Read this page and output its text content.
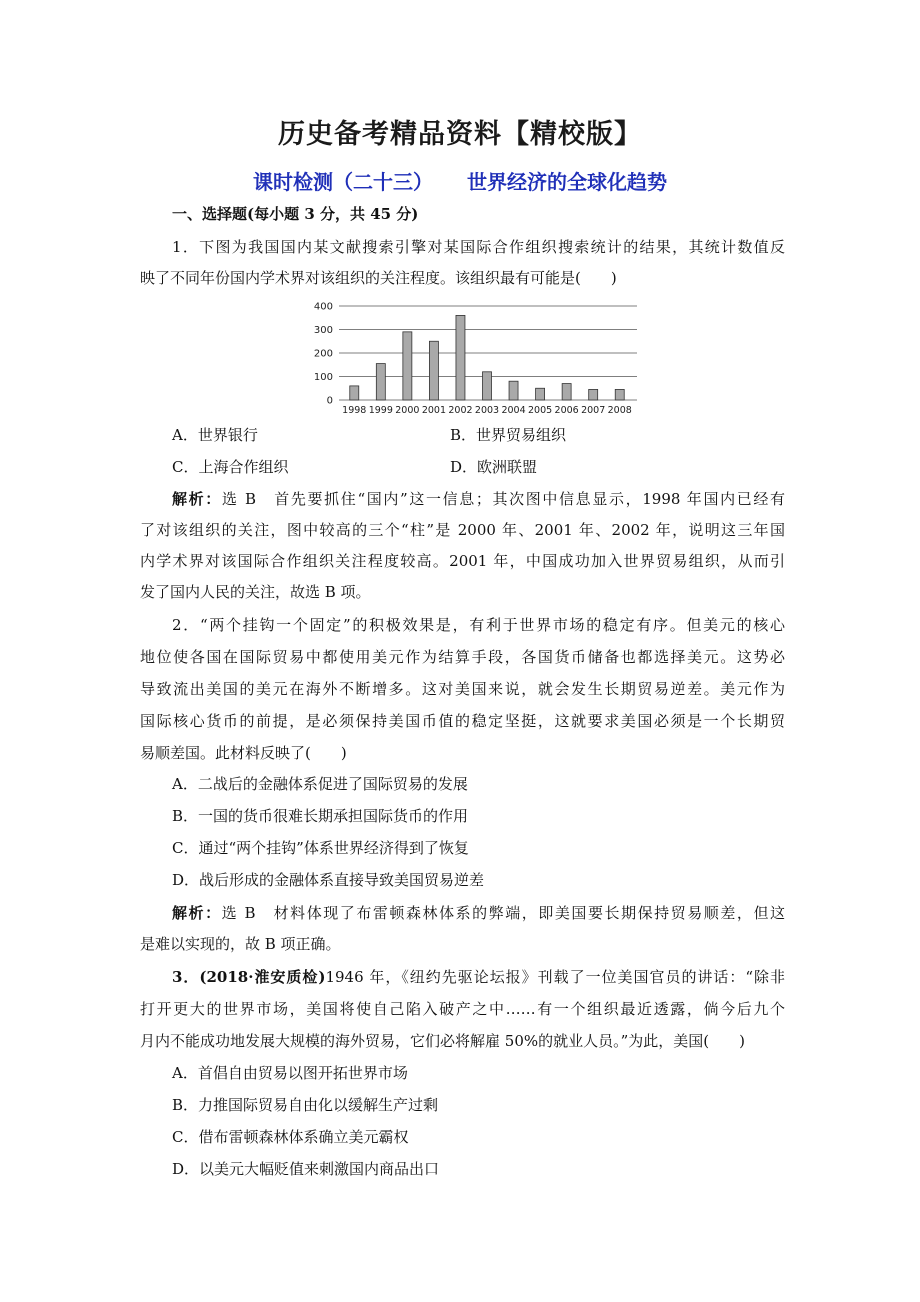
历史备考精品资料【精校版】
课时检测（二十三） 世界经济的全球化趋势
一、选择题(每小题 3 分，共 45 分)
1．下图为我国国内某文献搜索引擎对某国际合作组织搜索统计的结果，其统计数值反
映了不同年份国内学术界对该组织的关注程度。该组织最有可能是(　　)
0
100
200
300
400
1998 1999 2000 2001 2002 2003 2004 2005 2006 2007 2008
A．世界银行	B．世界贸易组织
C．上海合作组织	D．欧洲联盟
解析：选 B　首先要抓住“国内”这一信息；其次图中信息显示，1998 年国内已经有
了对该组织的关注，图中较高的三个“柱”是 2000 年、2001 年、2002 年，说明这三年国
内学术界对该国际合作组织关注程度较高。2001 年，中国成功加入世界贸易组织，从而引
发了国内人民的关注，故选 B 项。
2．“两个挂钩一个固定”的积极效果是，有利于世界市场的稳定有序。但美元的核心
地位使各国在国际贸易中都使用美元作为结算手段，各国货币储备也都选择美元。这势必
导致流出美国的美元在海外不断增多。这对美国来说，就会发生长期贸易逆差。美元作为
国际核心货币的前提，是必须保持美国币值的稳定坚挺，这就要求美国必须是一个长期贸
易顺差国。此材料反映了(　　)
A．二战后的金融体系促进了国际贸易的发展
B．一国的货币很难长期承担国际货币的作用
C．通过“两个挂钩”体系世界经济得到了恢复
D．战后形成的金融体系直接导致美国贸易逆差
解析：选 B　材料体现了布雷顿森林体系的弊端，即美国要长期保持贸易顺差，但这
是难以实现的，故 B 项正确。
3．(2018·淮安质检)1946 年，《纽约先驱论坛报》刊载了一位美国官员的讲话：“除非
打开更大的世界市场，美国将使自己陷入破产之中……有一个组织最近透露，倘今后九个
月内不能成功地发展大规模的海外贸易，它们必将解雇 50%的就业人员。”为此，美国(　　)
A．首倡自由贸易以图开拓世界市场
B．力推国际贸易自由化以缓解生产过剩
C．借布雷顿森林体系确立美元霸权
D．以美元大幅贬值来刺激国内商品出口
